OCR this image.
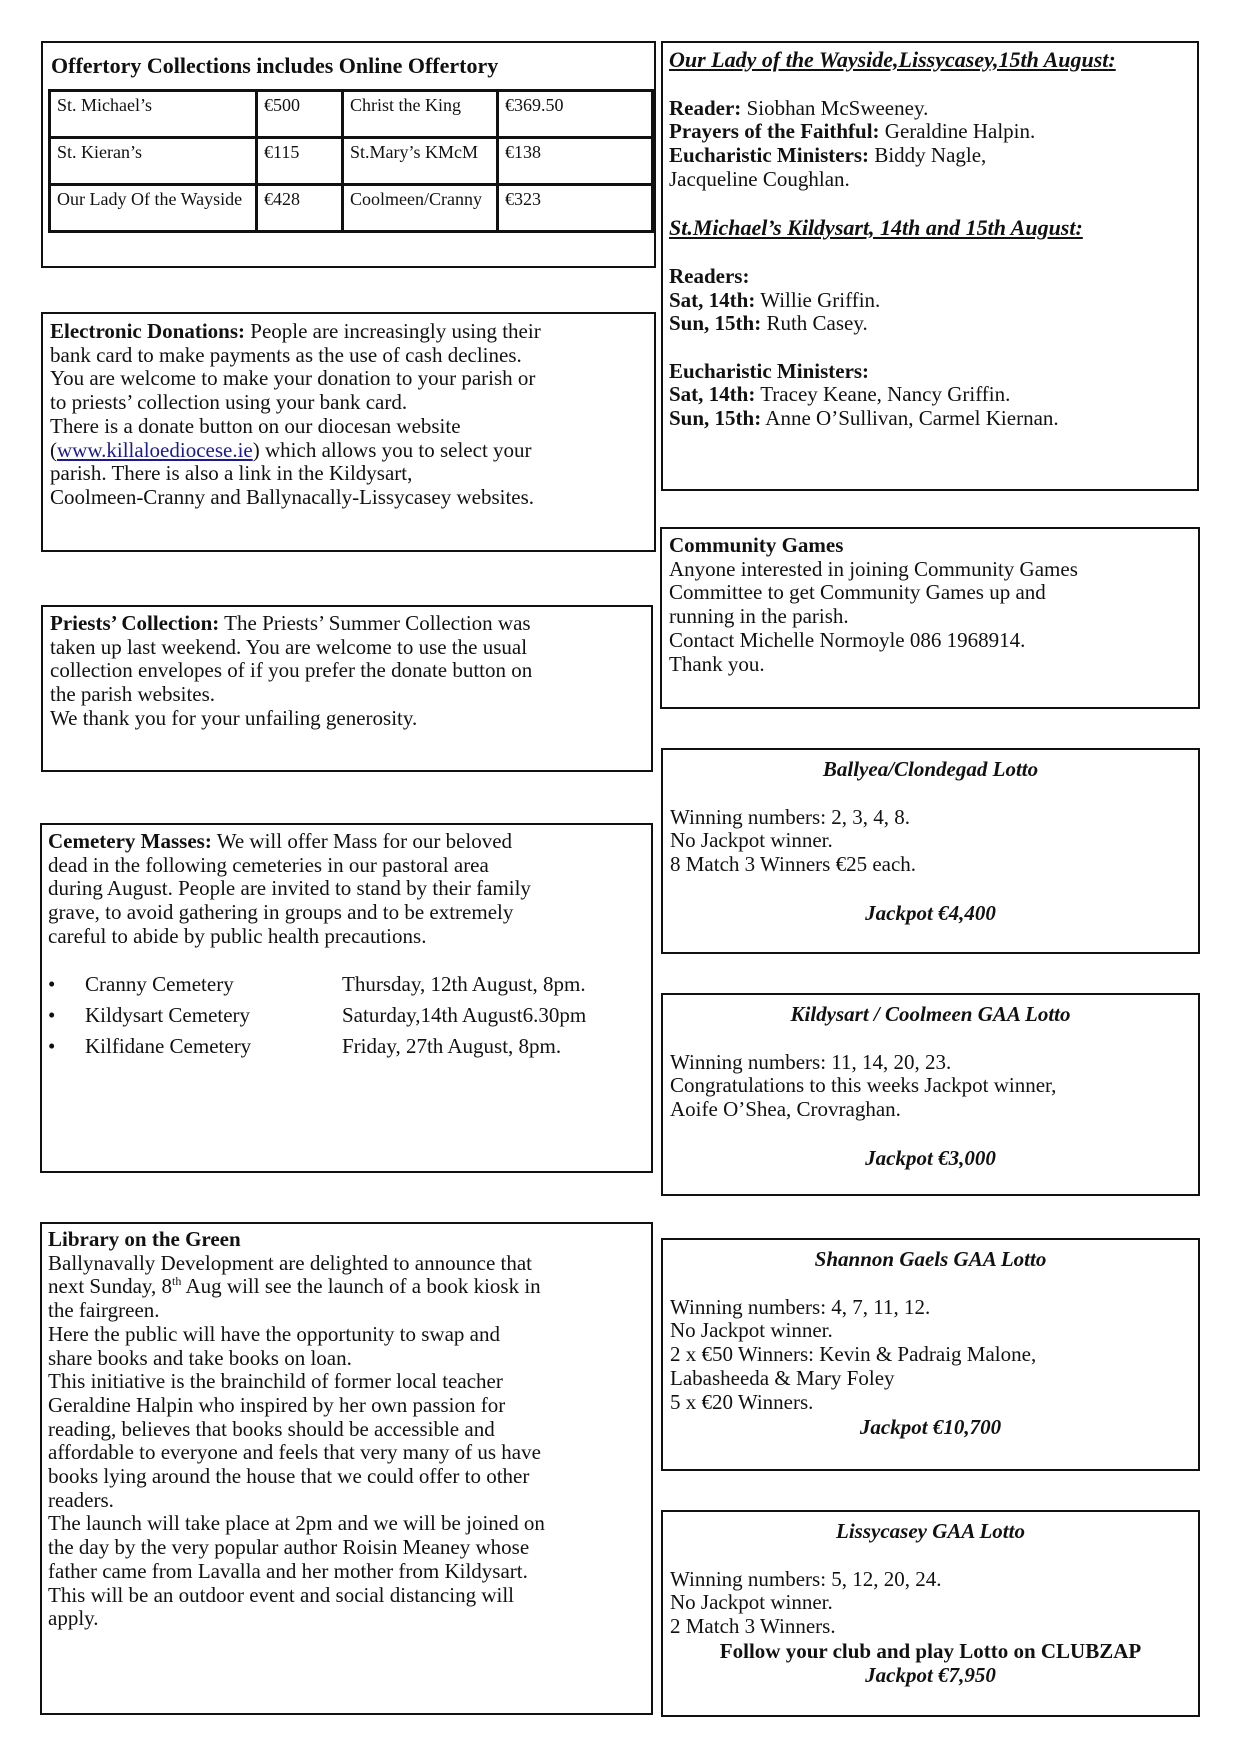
Offertory Collections includes Online Offertory
St. Michael’s	€500	Christ the King	€369.50
St. Kieran’s	€115	St.Mary’s KMcM	€138
Our Lady Of the Wayside	€428	Coolmeen/Cranny	€323
Electronic Donations: People are increasingly using their
bank card to make payments as the use of cash declines.
You are welcome to make your donation to your parish or
to priests’ collection using your bank card.
There is a donate button on our diocesan website
(www.killaloediocese.ie) which allows you to select your
parish. There is also a link in the Kildysart,
Coolmeen-Cranny and Ballynacally-Lissycasey websites.
Priests’ Collection: The Priests’ Summer Collection was
taken up last weekend. You are welcome to use the usual
collection envelopes of if you prefer the donate button on
the parish websites.
We thank you for your unfailing generosity.
Cemetery Masses: We will offer Mass for our beloved
dead in the following cemeteries in our pastoral area
during August. People are invited to stand by their family
grave, to avoid gathering in groups and to be extremely
careful to abide by public health precautions.
•	Cranny Cemetery	Thursday, 12th August, 8pm.
•	Kildysart Cemetery	Saturday,14th August6.30pm
•	Kilfidane Cemetery	Friday, 27th August, 8pm.
Library on the Green
Ballynavally Development are delighted to announce that
next Sunday, 8th Aug will see the launch of a book kiosk in
the fairgreen.
Here the public will have the opportunity to swap and
share books and take books on loan.
This initiative is the brainchild of former local teacher
Geraldine Halpin who inspired by her own passion for
reading, believes that books should be accessible and
affordable to everyone and feels that very many of us have
books lying around the house that we could offer to other
readers.
The launch will take place at 2pm and we will be joined on
the day by the very popular author Roisin Meaney whose
father came from Lavalla and her mother from Kildysart.
This will be an outdoor event and social distancing will
apply.
Our Lady of the Wayside,Lissycasey,15th August:
Reader: Siobhan McSweeney.
Prayers of the Faithful: Geraldine Halpin.
Eucharistic Ministers: Biddy Nagle,
Jacqueline Coughlan.
St.Michael’s Kildysart, 14th and 15th August:
Readers:
Sat, 14th: Willie Griffin.
Sun, 15th: Ruth Casey.
Eucharistic Ministers:
Sat, 14th: Tracey Keane, Nancy Griffin.
Sun, 15th: Anne O’Sullivan, Carmel Kiernan.
Community Games
Anyone interested in joining Community Games
Committee to get Community Games up and
running in the parish.
Contact Michelle Normoyle 086 1968914.
Thank you.
Ballyea/Clondegad Lotto
Winning numbers: 2, 3, 4, 8.
No Jackpot winner.
8 Match 3 Winners €25 each.
Jackpot €4,400
Kildysart / Coolmeen GAA Lotto
Winning numbers: 11, 14, 20, 23.
Congratulations to this weeks Jackpot winner,
Aoife O’Shea, Crovraghan.
Jackpot €3,000
Shannon Gaels GAA Lotto
Winning numbers: 4, 7, 11, 12.
No Jackpot winner.
2 x €50 Winners: Kevin & Padraig Malone,
Labasheeda & Mary Foley
5 x €20 Winners.
Jackpot €10,700
Lissycasey GAA Lotto
Winning numbers: 5, 12, 20, 24.
No Jackpot winner.
2 Match 3 Winners.
Follow your club and play Lotto on CLUBZAP
Jackpot €7,950
